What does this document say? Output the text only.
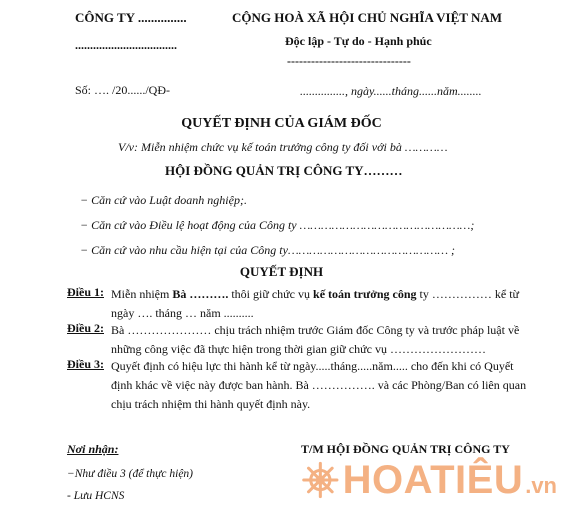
CÔNG TY ...............
..................................
CỘNG HOÀ XÃ HỘI CHỦ NGHĨA VIỆT NAM
Độc lập - Tự do - Hạnh phúc
-------------------------------
Số: …. /20....../QĐ-	..............., ngày......tháng......năm........
QUYẾT ĐỊNH CỦA GIÁM ĐỐC
V/v: Miễn nhiệm chức vụ kế toán trưởng công ty đối với bà …………
HỘI ĐỒNG QUẢN TRỊ CÔNG TY………
− Căn cứ vào Luật doanh nghiệp;.
− Căn cứ vào Điều lệ hoạt động của Công ty …………………………………………;
− Căn cứ vào nhu cầu hiện tại của Công ty……………………………………… ;
QUYẾT ĐỊNH
Điều 1: Miễn nhiệm Bà ………. thôi giữ chức vụ kế toán trưởng công ty …………… kể từ ngày …. tháng … năm ..........
Điều 2: Bà ………………… chịu trách nhiệm trước Giám đốc Công ty và trước pháp luật về những công việc đã thực hiện trong thời gian giữ chức vụ ……………………
Điều 3: Quyết định có hiệu lực thi hành kể từ ngày.....tháng.....năm..... cho đến khi có Quyết định khác về việc này được ban hành. Bà ……………. và các Phòng/Ban có liên quan chịu trách nhiệm thi hành quyết định này.
Nơi nhận:
−Như điều 3 (để thực hiện)
- Lưu HCNS
T/M HỘI ĐỒNG QUẢN TRỊ CÔNG TY
HOATIÊU .vn
